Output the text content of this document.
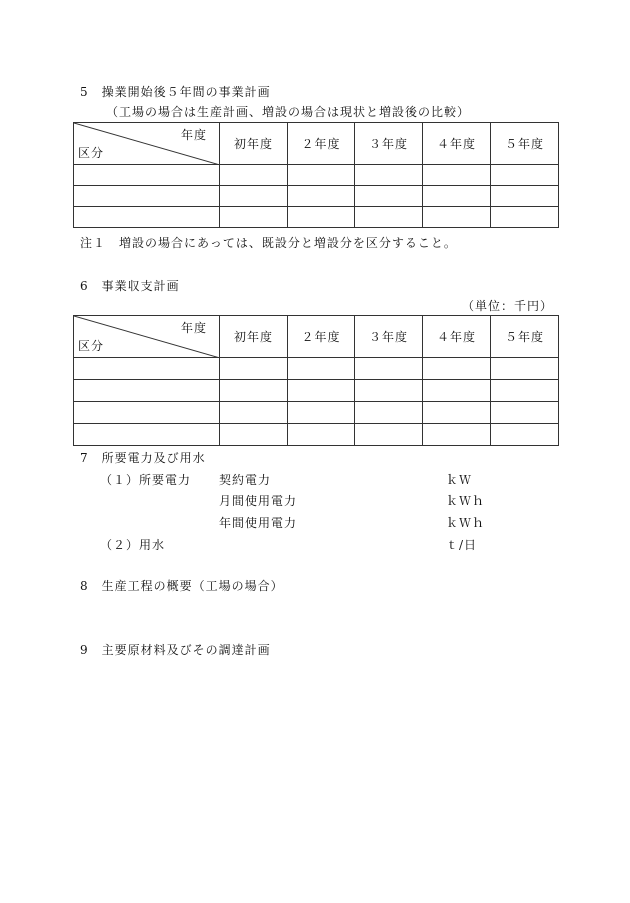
5　操業開始後５年間の事業計画
（工場の場合は生産計画、増設の場合は現状と増設後の比較）
年度
区分	初年度	２年度	３年度	４年度	５年度

注１　増設の場合にあっては、既設分と増設分を区分すること。
6　事業収支計画
（単位：千円）
年度
区分	初年度	２年度	３年度	４年度	５年度

7　所要電力及び用水
（１）所要電力 契約電力	ｋＷ
月間使用電力	ｋＷｈ
年間使用電力	ｋＷｈ
（２）用水	ｔ/日
8　生産工程の概要（工場の場合）
9　主要原材料及びその調達計画
